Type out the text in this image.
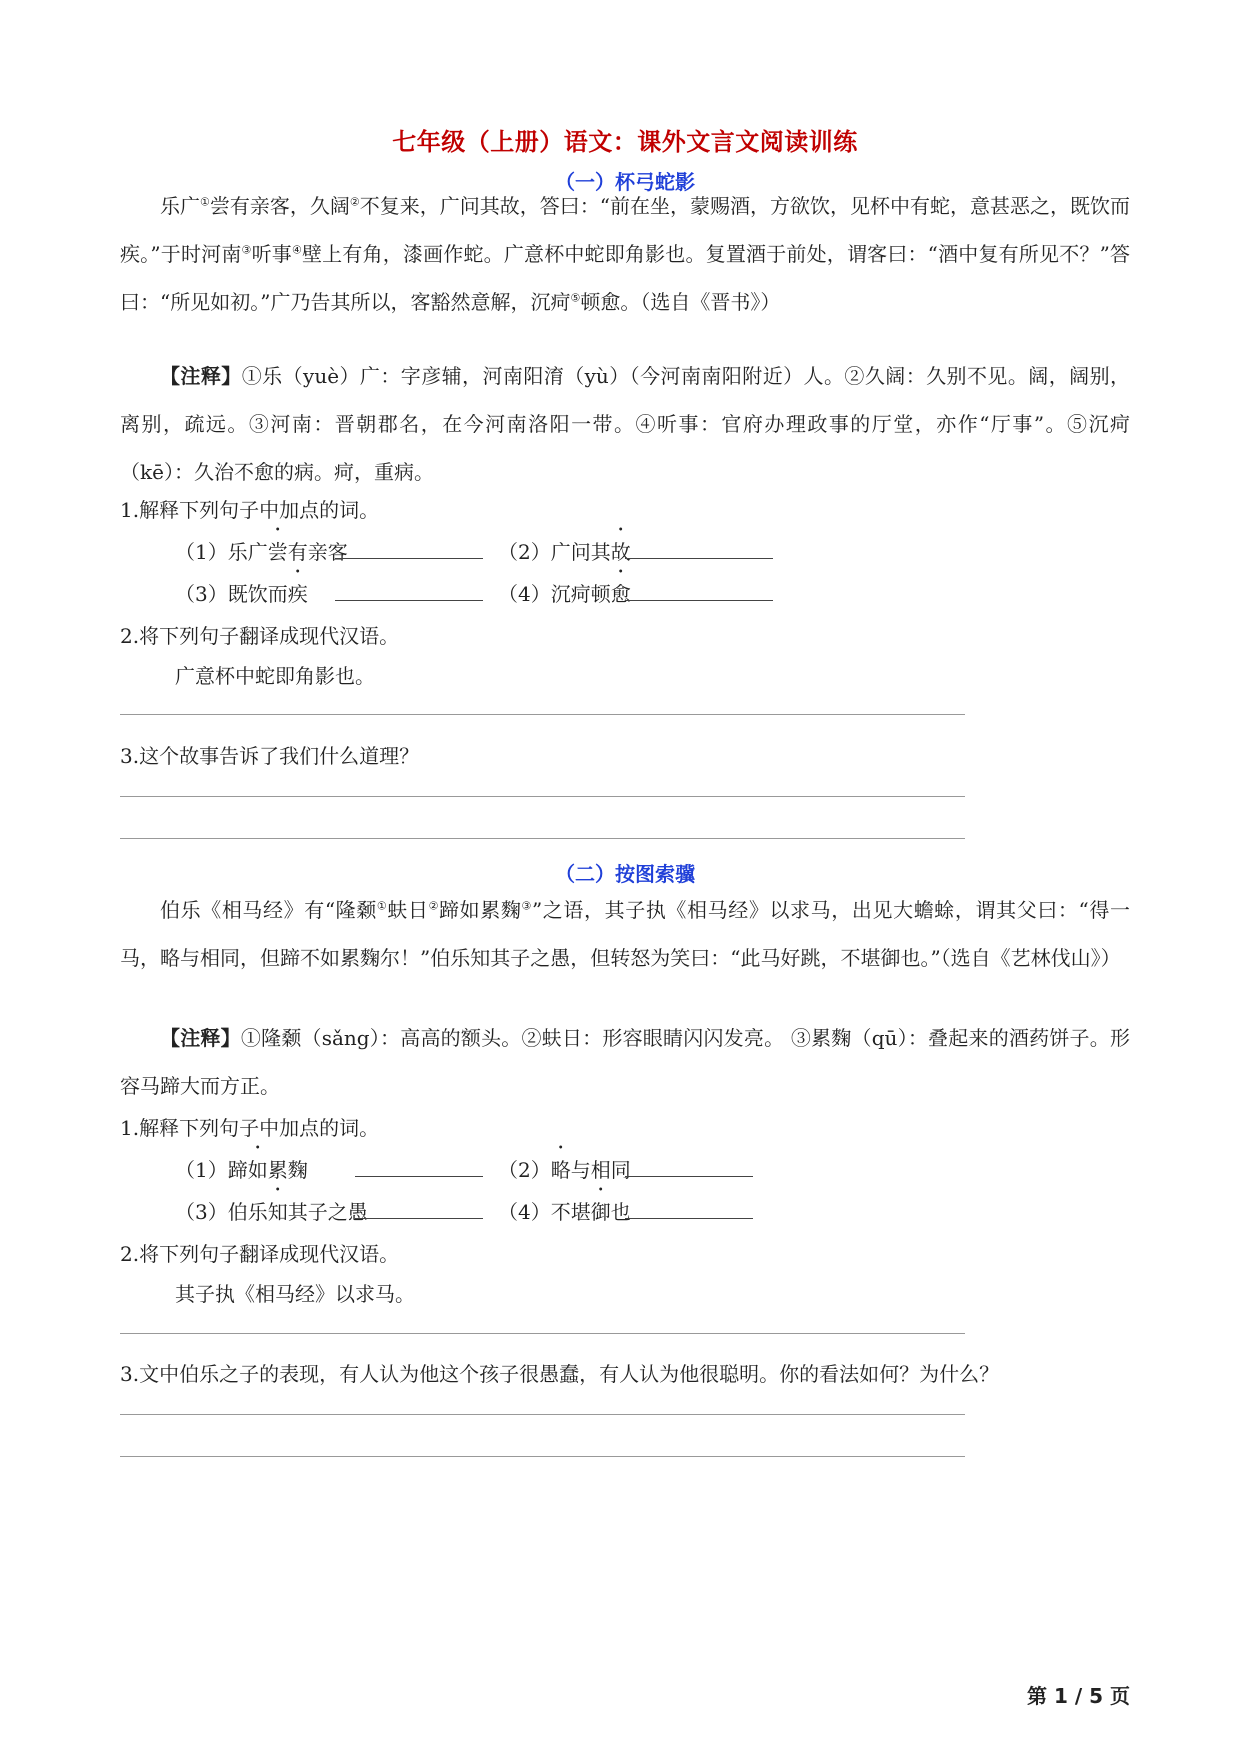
七年级（上册）语文：课外文言文阅读训练
（一）杯弓蛇影

乐广①尝有亲客，久阔②不复来，广问其故，答曰：“前在坐，蒙赐酒，方欲饮，见杯中有蛇，意甚恶之，既饮而疾。”于时河南③听事④壁上有角，漆画作蛇。广意杯中蛇即角影也。复置酒于前处，谓客曰：“酒中复有所见不？”答曰：“所见如初。”广乃告其所以，客豁然意解，沉疴⑤顿愈。（选自《晋书》）

【注释】①乐（yuè）广：字彦辅，河南阳淯（yù）（今河南南阳附近）人。②久阔：久别不见。阔，阔别，离别，疏远。③河南：晋朝郡名，在今河南洛阳一带。④听事：官府办理政事的厅堂，亦作“厅事”。⑤沉疴（kē）：久治不愈的病。疴，重病。

1.解释下列句子中加点的词。
（1）乐广尝有亲客	（2）广问其故
（3）既饮而疾	（4）沉疴顿愈
2.将下列句子翻译成现代汉语。
广意杯中蛇即角影也。
3.这个故事告诉了我们什么道理？
（二）按图索骥

伯乐《相马经》有“隆颡①蚨日②蹄如累麴③”之语，其子执《相马经》以求马，出见大蟾蜍，谓其父曰：“得一马，略与相同，但蹄不如累麴尔！”伯乐知其子之愚，但转怒为笑曰：“此马好跳，不堪御也。”（选自《艺林伐山》）

【注释】①隆颡（sǎng）：高高的额头。②蚨日：形容眼睛闪闪发亮。 ③累麴（qū）：叠起来的酒药饼子。形容马蹄大而方正。

1.解释下列句子中加点的词。
（1）蹄如累麴	（2）略与相同
（3）伯乐知其子之愚	（4）不堪御也
2.将下列句子翻译成现代汉语。
其子执《相马经》以求马。
3.文中伯乐之子的表现，有人认为他这个孩子很愚蠢，有人认为他很聪明。你的看法如何？为什么？
第 1 / 5 页
